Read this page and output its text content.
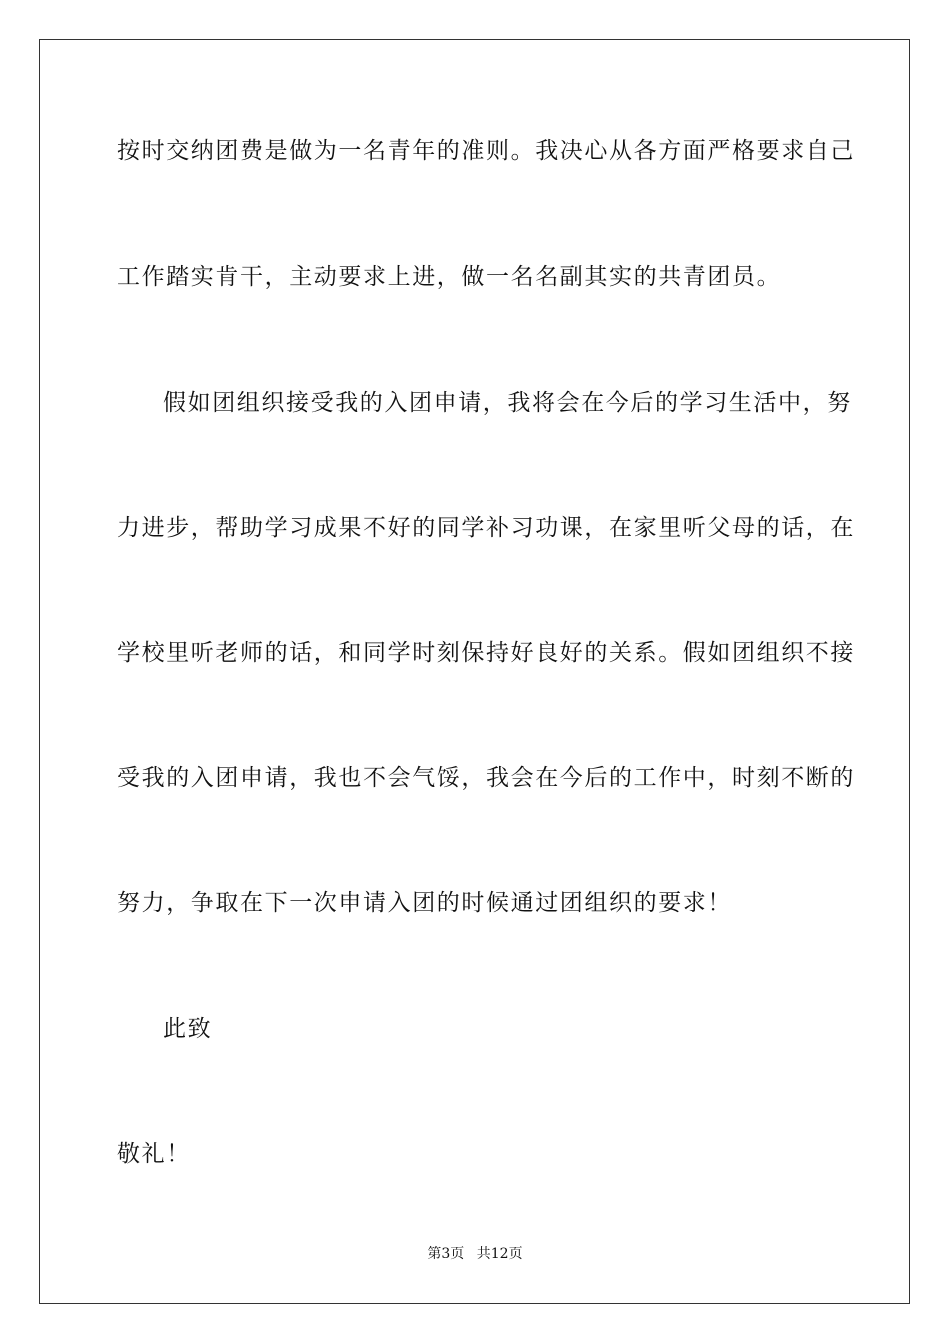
按时交纳团费是做为一名青年的准则。我决心从各方面严格要求自己
工作踏实肯干，主动要求上进，做一名名副其实的共青团员。
假如团组织接受我的入团申请，我将会在今后的学习生活中，努
力进步，帮助学习成果不好的同学补习功课，在家里听父母的话，在
学校里听老师的话，和同学时刻保持好良好的关系。假如团组织不接
受我的入团申请，我也不会气馁，我会在今后的工作中，时刻不断的
努力，争取在下一次申请入团的时候通过团组织的要求！
此致
敬礼！
第3页 共12页
